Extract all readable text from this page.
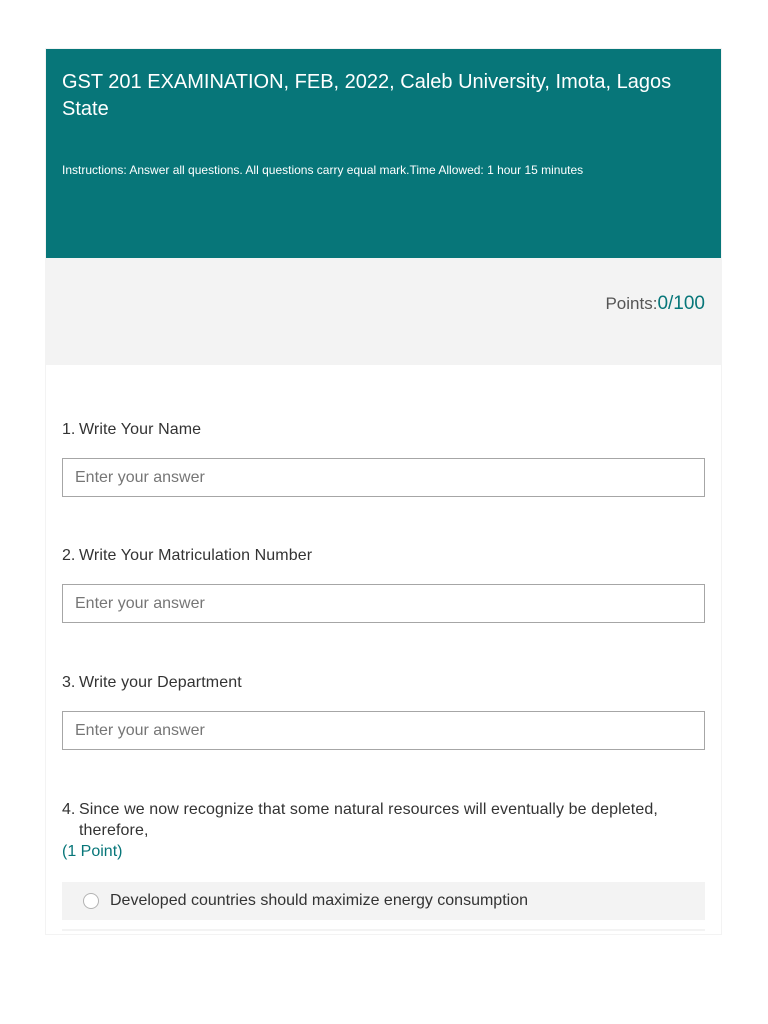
GST 201 EXAMINATION, FEB, 2022, Caleb University, Imota, Lagos State
Instructions: Answer all questions. All questions carry equal mark.Time Allowed: 1 hour 15 minutes
Points:0/100
1. Write Your Name
Enter your answer
2. Write Your Matriculation Number
Enter your answer
3. Write your Department
Enter your answer
4. Since we now recognize that some natural resources will eventually be depleted, therefore,
(1 Point)
Developed countries should maximize energy consumption
